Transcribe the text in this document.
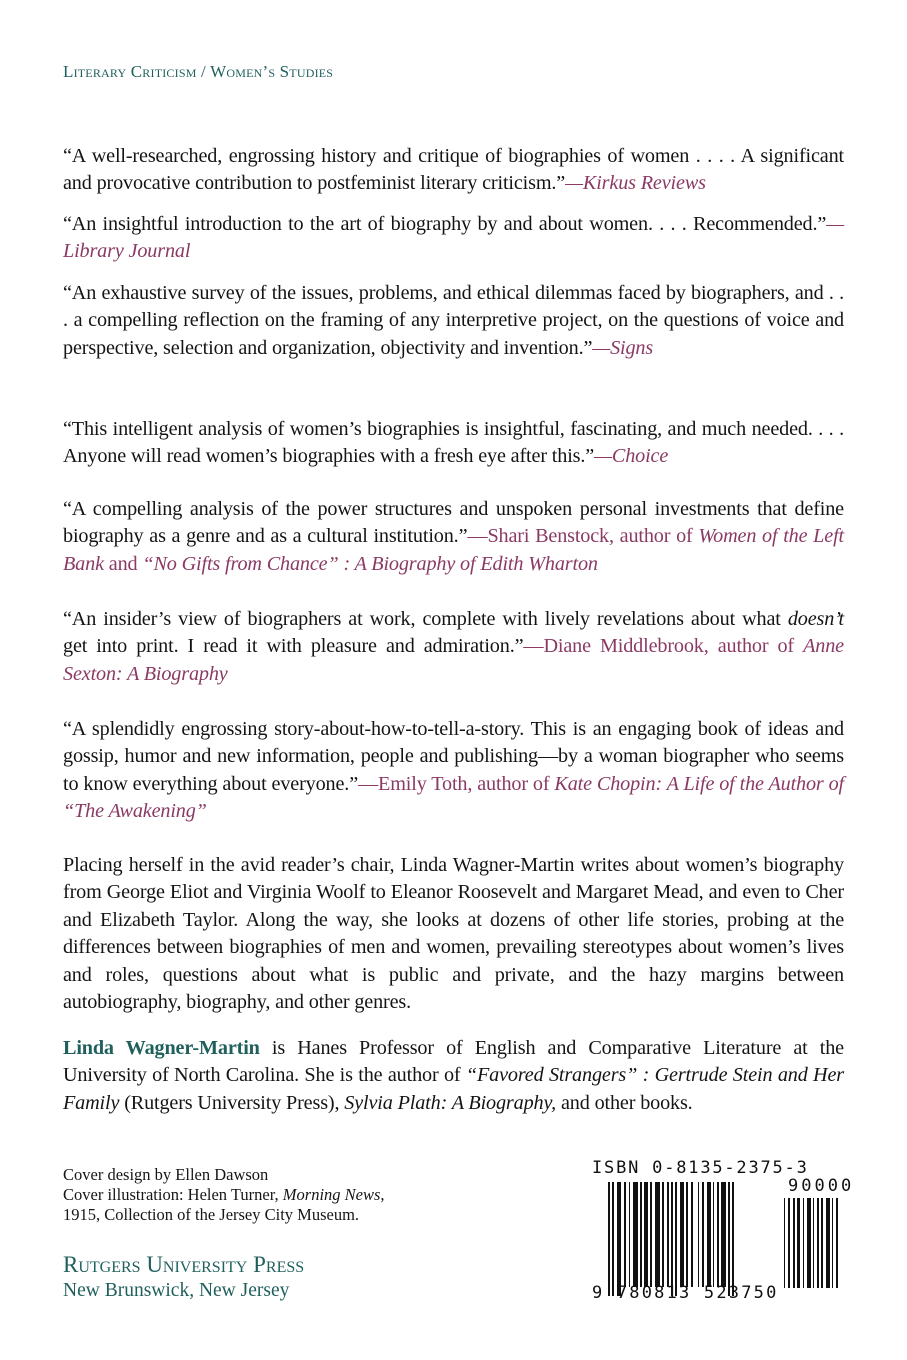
Literary Criticism / Women’s Studies

“A well-researched, engrossing history and critique of biographies of women . . . . A significant and provocative contribution to postfeminist literary criticism.”—Kirkus Reviews

“An insightful introduction to the art of biography by and about women. . . . Recommended.”—Library Journal

“An exhaustive survey of the issues, problems, and ethical dilemmas faced by biographers, and . . . a compelling reflection on the framing of any interpretive project, on the questions of voice and perspective, selection and organization, objectivity and invention.”—Signs

“This intelligent analysis of women’s biographies is insightful, fascinating, and much needed. . . . Anyone will read women’s biographies with a fresh eye after this.”—Choice

“A compelling analysis of the power structures and unspoken personal investments that define biography as a genre and as a cultural institution.”—Shari Benstock, author of Women of the Left Bank and “No Gifts from Chance” : A Biography of Edith Wharton

“An insider’s view of biographers at work, complete with lively revelations about what doesn’t get into print. I read it with pleasure and admiration.”—Diane Middlebrook, author of Anne Sexton: A Biography

“A splendidly engrossing story-about-how-to-tell-a-story. This is an engaging book of ideas and gossip, humor and new information, people and publishing—by a woman biographer who seems to know everything about everyone.”—Emily Toth, author of Kate Chopin: A Life of the Author of “The Awakening”

Placing herself in the avid reader’s chair, Linda Wagner-Martin writes about women’s biography from George Eliot and Virginia Woolf to Eleanor Roosevelt and Margaret Mead, and even to Cher and Elizabeth Taylor. Along the way, she looks at dozens of other life stories, probing at the differences between biographies of men and women, prevailing stereotypes about women’s lives and roles, questions about what is public and private, and the hazy margins between autobiography, biography, and other genres.

Linda Wagner-Martin is Hanes Professor of English and Comparative Literature at the University of North Carolina. She is the author of “Favored Strangers” : Gertrude Stein and Her Family (Rutgers University Press), Sylvia Plath: A Biography, and other books.

Cover design by Ellen Dawson
Cover illustration: Helen Turner, Morning News,
1915, Collection of the Jersey City Museum.
Rutgers University Press
New Brunswick, New Jersey
ISBN 0-8135-2375-3
90000
9 780813 523750
